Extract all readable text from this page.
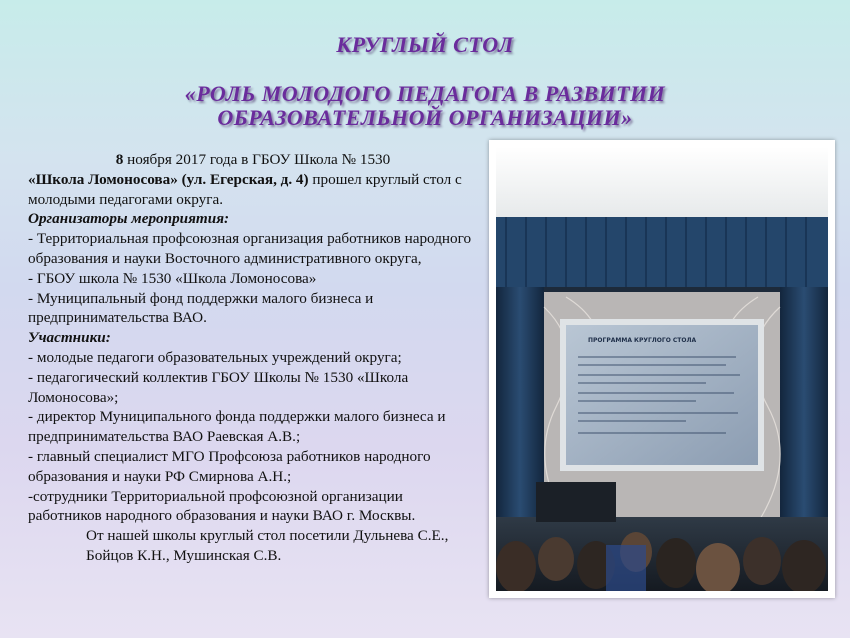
КРУГЛЫЙ СТОЛ
«РОЛЬ МОЛОДОГО ПЕДАГОГА В РАЗВИТИИ ОБРАЗОВАТЕЛЬНОЙ ОРГАНИЗАЦИИ»

8 ноября 2017 года в ГБОУ Школа № 1530

«Школа Ломоносова» (ул. Егерская, д. 4) прошел круглый стол с молодыми педагогами округа.

Организаторы мероприятия:

- Территориальная профсоюзная организация работников народного образования и науки Восточного административного округа,

- ГБОУ школа № 1530 «Школа Ломоносова»

- Муниципальный фонд поддержки малого бизнеса и предпринимательства ВАО.

Участники:

- молодые педагоги образовательных учреждений округа;

- педагогический коллектив ГБОУ Школы № 1530 «Школа Ломоносова»;

- директор Муниципального фонда поддержки малого бизнеса и предпринимательства ВАО Раевская А.В.;

- главный специалист МГО Профсоюза работников народного образования и науки РФ Смирнова А.Н.;

-сотрудники Территориальной профсоюзной организации работников народного образования и науки ВАО г. Москвы.

От нашей школы круглый стол посетили Дульнева С.Е., Бойцов К.Н., Мушинская С.В.

ПРОГРАММА КРУГЛОГО СТОЛА
